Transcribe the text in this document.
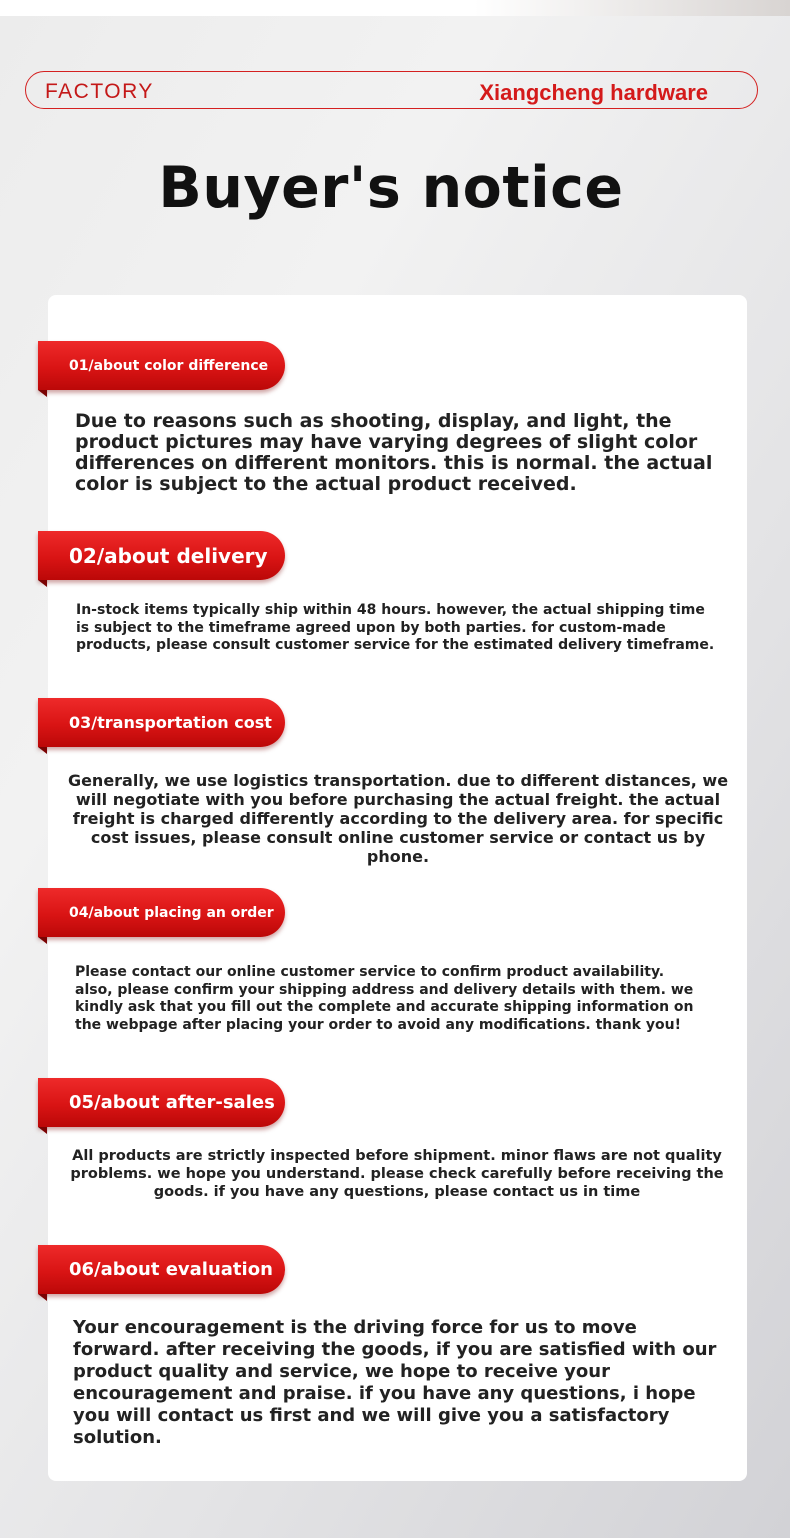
FACTORY	Xiangcheng hardware
Buyer's notice
01/about color difference
Due to reasons such as shooting, display, and light, the product pictures may have varying degrees of slight color differences on different monitors. this is normal. the actual color is subject to the actual product received.
02/about delivery
In-stock items typically ship within 48 hours. however, the actual shipping time is subject to the timeframe agreed upon by both parties. for custom-made products, please consult customer service for the estimated delivery timeframe.
03/transportation cost
Generally, we use logistics transportation. due to different distances, we will negotiate with you before purchasing the actual freight. the actual freight is charged differently according to the delivery area. for specific cost issues, please consult online customer service or contact us by phone.
04/about placing an order
Please contact our online customer service to confirm product availability. also, please confirm your shipping address and delivery details with them. we kindly ask that you fill out the complete and accurate shipping information on the webpage after placing your order to avoid any modifications. thank you!
05/about after-sales
All products are strictly inspected before shipment. minor flaws are not quality problems. we hope you understand. please check carefully before receiving the goods. if you have any questions, please contact us in time
06/about evaluation
Your encouragement is the driving force for us to move forward. after receiving the goods, if you are satisfied with our product quality and service, we hope to receive your encouragement and praise. if you have any questions, i hope you will contact us first and we will give you a satisfactory solution.
